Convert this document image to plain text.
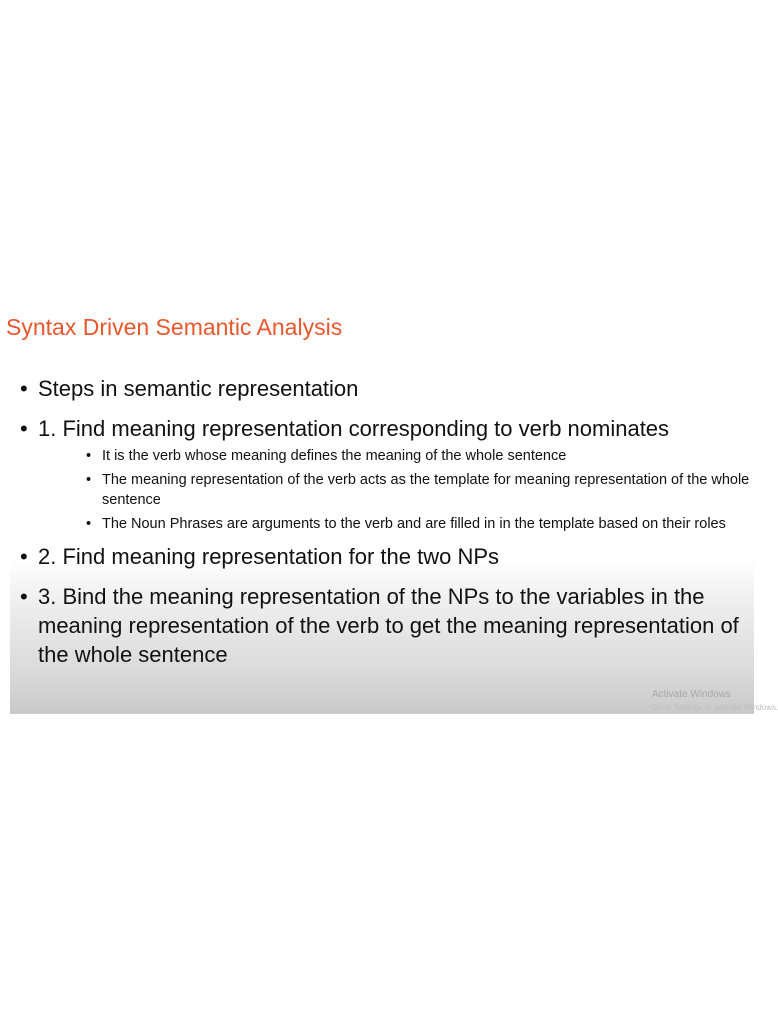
Syntax Driven Semantic Analysis
• Steps in semantic representation
• 1. Find meaning representation corresponding to verb nominates
• It is the verb whose meaning defines the meaning of the whole sentence
• The meaning representation of the verb acts as the template for meaning representation of the whole sentence
• The Noun Phrases are arguments to the verb and are filled in in the template based on their roles
• 2. Find meaning representation for the two NPs
• 3. Bind the meaning representation of the NPs to the variables in the meaning representation of the verb to get the meaning representation of the whole sentence
Activate Windows
Go to Settings to activate Windows.
